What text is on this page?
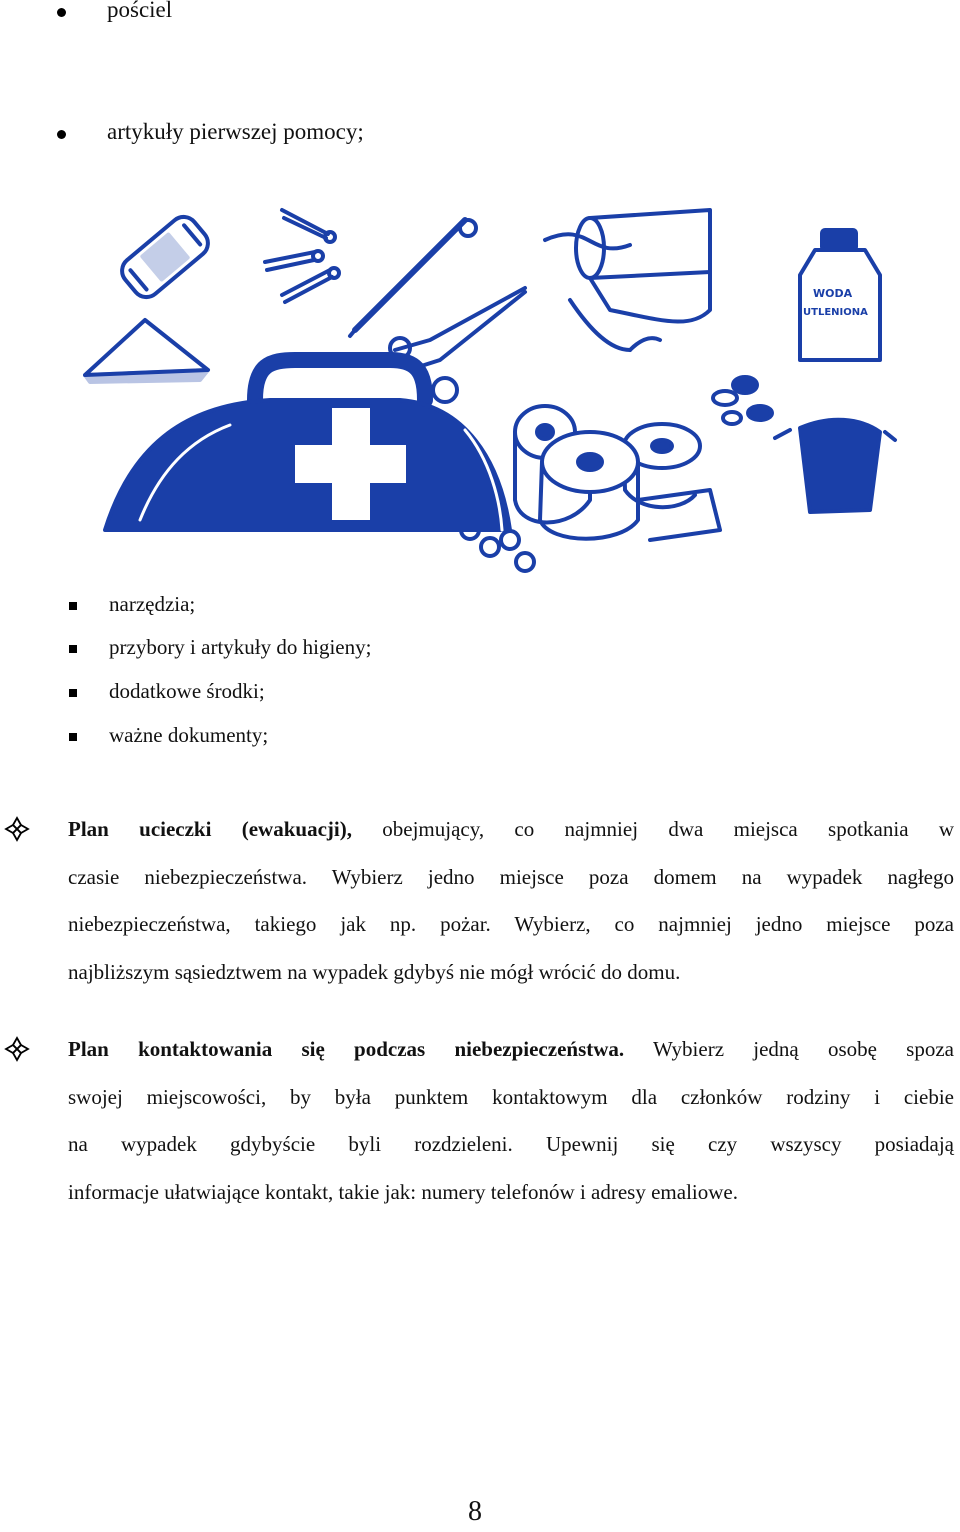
pościel
artykuły pierwszej pomocy;
WODA
UTLENIONA
narzędzia;
przybory i artykuły do higieny;
dodatkowe środki;
ważne dokumenty;
Plan ucieczki (ewakuacji), obejmujący, co najmniej dwa miejsca spotkania w
czasie niebezpieczeństwa. Wybierz jedno miejsce poza domem na wypadek nagłego
niebezpieczeństwa, takiego jak np. pożar. Wybierz, co najmniej jedno miejsce poza
najbliższym sąsiedztwem na wypadek gdybyś nie mógł wrócić do domu.
Plan kontaktowania się podczas niebezpieczeństwa. Wybierz jedną osobę spoza
swojej miejscowości, by była punktem kontaktowym dla członków rodziny i ciebie
na wypadek gdybyście byli rozdzieleni. Upewnij się czy wszyscy posiadają
informacje ułatwiające kontakt, takie jak: numery telefonów i adresy emaliowe.
8
